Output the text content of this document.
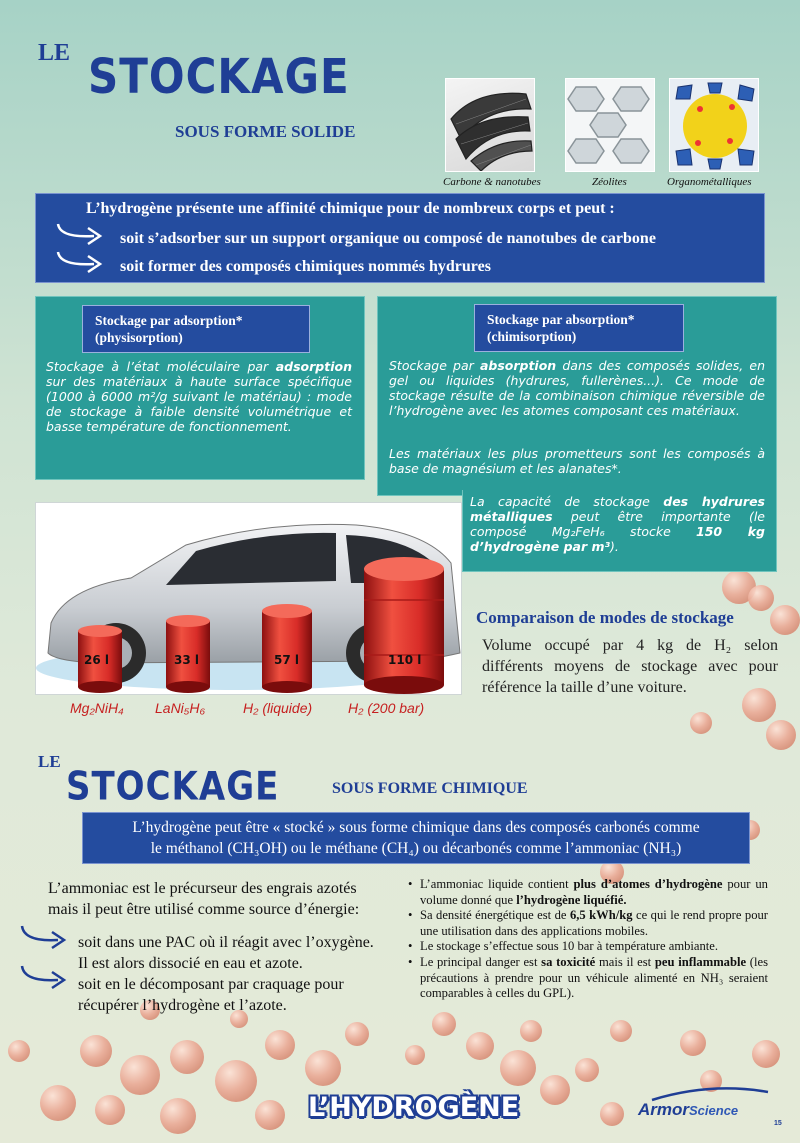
LE STOCKAGE
SOUS FORME SOLIDE
Carbone & nanotubes	Zéolites	Organométalliques
L’hydrogène présente une affinité chimique pour de nombreux corps et peut :
soit s’adsorber sur un support organique ou composé de nanotubes de carbone
soit former des composés chimiques nommés hydrures
Stockage par adsorption*
(physisorption)
Stockage à l’état moléculaire par adsorption sur des matériaux à haute surface spécifique (1000 à 6000 m²/g suivant le matériau) : mode de stockage à faible densité volumétrique et basse température de fonctionnement.
Stockage par absorption*
(chimisorption)
Stockage par absorption dans des composés solides, en gel ou liquides (hydrures, fullerènes...). Ce mode de stockage résulte de la combinaison chimique réversible de l’hydrogène avec les atomes composant ces matériaux.
Les matériaux les plus prometteurs sont les composés à base de magnésium et les alanates*.
La capacité de stockage des hydrures métalliques peut être importante (le composé Mg₂FeH₆ stocke 150 kg d’hydrogène par m³).
26 l	33 l	57 l	110 l
Mg₂NiH₄ LaNi₅H₆	H₂ (liquide)	H₂ (200 bar)
Comparaison de modes de stockage
Volume occupé par 4 kg de H₂ selon différents moyens de stockage avec pour référence la taille d’une voiture.
LE
STOCKAGE	SOUS FORME CHIMIQUE
L’hydrogène peut être « stocké » sous forme chimique dans des composés carbonés comme
le méthanol (CH₃OH) ou le méthane (CH₄) ou décarbonés comme l’ammoniac (NH₃)
L’ammoniac est le précurseur des engrais azotés
mais il peut être utilisé comme source d’énergie:
soit dans une PAC où il réagit avec l’oxygène.
Il est alors dissocié en eau et azote.
soit en le décomposant par craquage pour
récupérer l’hydrogène et l’azote.
• L’ammoniac liquide contient plus d’atomes d’hydrogène pour un volume donné que l’hydrogène liquéfié.
• Sa densité énergétique est de 6,5 kWh/kg ce qui le rend propre pour une utilisation dans des applications mobiles.
• Le stockage s’effectue sous 10 bar à température ambiante.
• Le principal danger est sa toxicité mais il est peu inflammable (les précautions à prendre pour un véhicule alimenté en NH₃ seraient comparables à celles du GPL).
L’HYDROGÈNE	ArmorScience
15
